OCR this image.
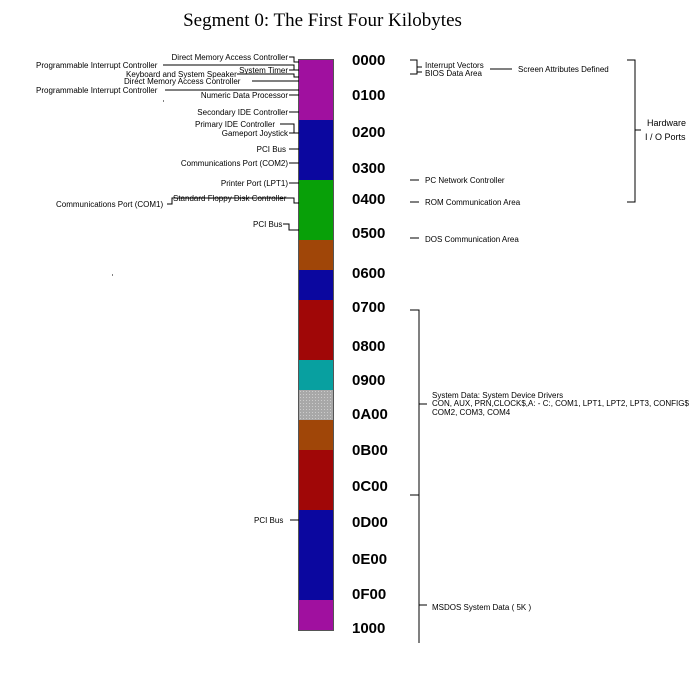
Segment 0: The First Four Kilobytes
0000
0100
0200
0300
0400
0500
0600
0700
0800
0900
0A00
0B00
0C00
0D00
0E00
0F00
1000
Direct Memory Access Controller
Programmable Interrupt Controller
System Timer
Keyboard and System Speaker
Direct Memory Access Controller
Programmable Interrupt Controller
Numeric Data Processor
Secondary IDE Controller
Primary IDE Controller
Gameport Joystick
PCI Bus
Communications Port (COM2)
Printer Port (LPT1)
Standard Floppy Disk Controller
Communications Port (COM1)
PCI Bus
PCI Bus
Interrupt Vectors
BIOS Data Area	Screen Attributes Defined
PC Network Controller
ROM Communication Area
DOS Communication Area
System Data: System Device Drivers
CON, AUX, PRN,CLOCK$,A: - C:, COM1, LPT1, LPT2, LPT3, CONFIG$
COM2, COM3, COM4
MSDOS System Data ( 5K )
Hardware
I / O Ports
